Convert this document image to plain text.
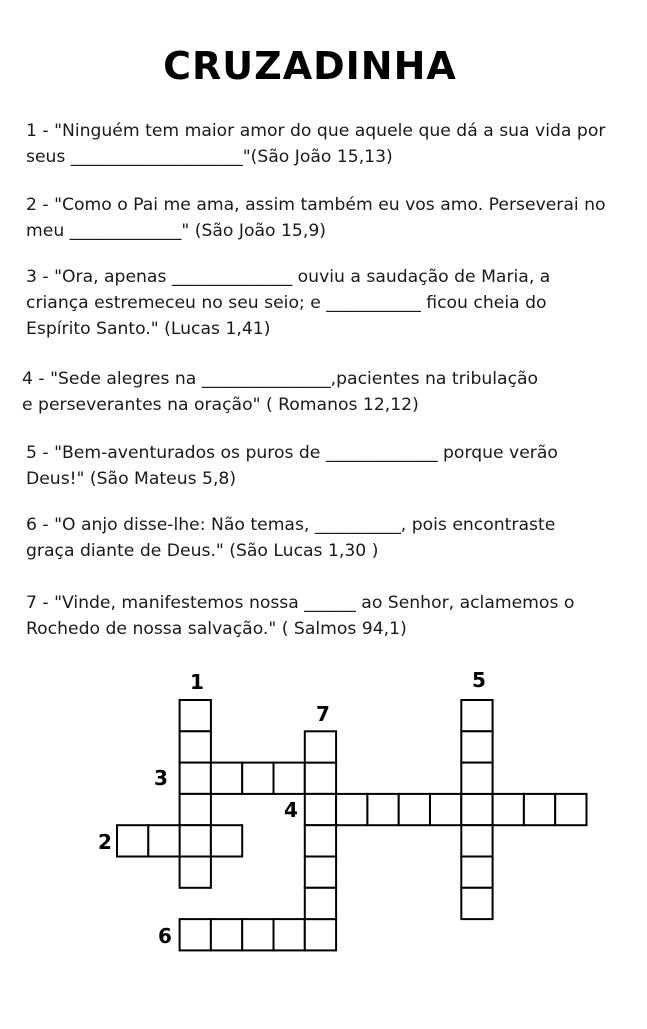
CRUZADINHA
1 - "Ninguém tem maior amor do que aquele que dá a sua vida por
seus ____________________"(São João 15,13)
2 - "Como o Pai me ama, assim também eu vos amo. Perseverai no
meu _____________" (São João 15,9)
3 - "Ora, apenas ______________ ouviu a saudação de Maria, a
criança estremeceu no seu seio; e ___________ ficou cheia do
Espírito Santo." (Lucas 1,41)
4 - "Sede alegres na _______________,pacientes na tribulação
e perseverantes na oração" ( Romanos 12,12)
5 - "Bem-aventurados os puros de _____________ porque verão
Deus!" (São Mateus 5,8)
6 - "O anjo disse-lhe: Não temas, __________, pois encontraste
graça diante de Deus." (São Lucas 1,30 )
7 - "Vinde, manifestemos nossa ______ ao Senhor, aclamemos o
Rochedo de nossa salvação." ( Salmos 94,1)
1
2
3
4
5
6
7
